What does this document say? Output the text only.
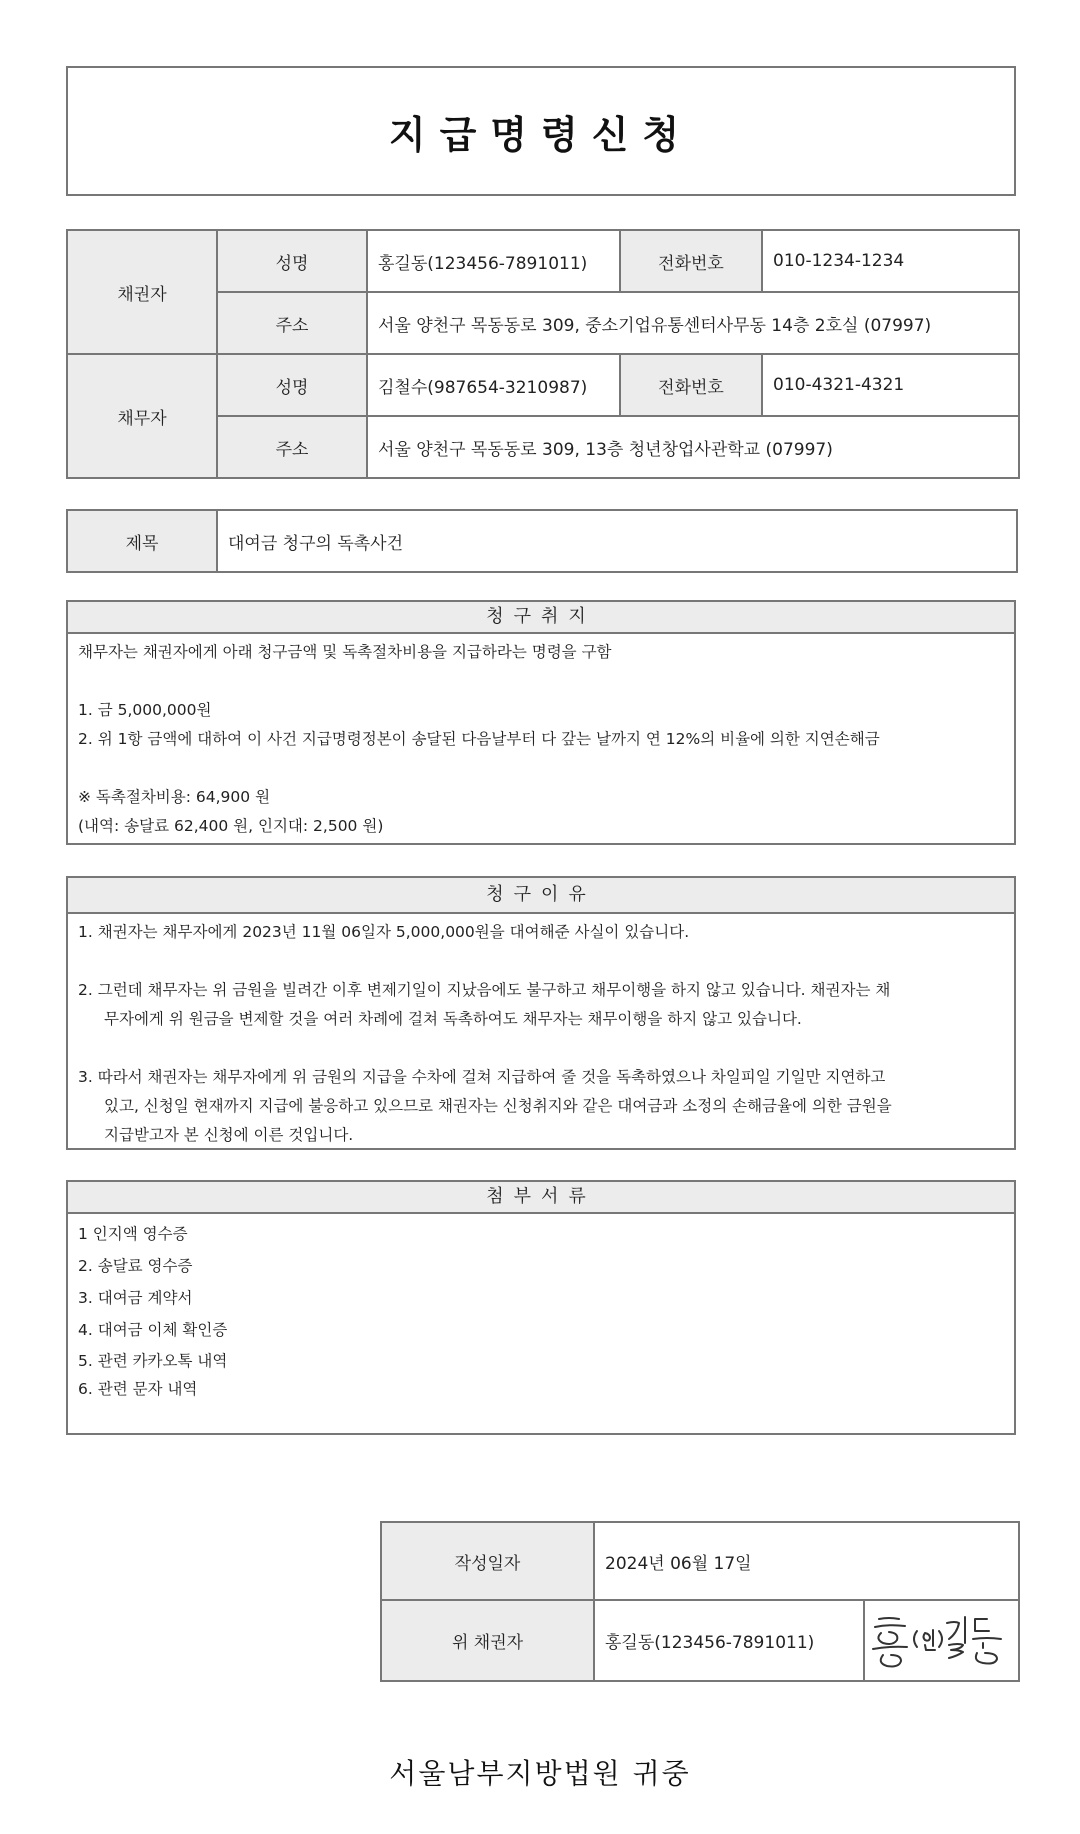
지급명령신청
채권자	성명	홍길동(123456-7891011)	전화번호	010-1234-1234
	주소	서울 양천구 목동동로 309, 중소기업유통센터사무동 14층 2호실 (07997)		
채무자	성명	김철수(987654-3210987)	전화번호	010-4321-4321
	주소	서울 양천구 목동동로 309, 13층 청년창업사관학교 (07997)		
제목	대여금 청구의 독촉사건
청구취지
채무자는 채권자에게 아래 청구금액 및 독촉절차비용을 지급하라는 명령을 구함
1. 금 5,000,000원
2. 위 1항 금액에 대하여 이 사건 지급명령정본이 송달된 다음날부터 다 갚는 날까지 연 12%의 비율에 의한 지연손해금
※ 독촉절차비용: 64,900 원
(내역: 송달료 62,400 원, 인지대: 2,500 원)
청구이유
1. 채권자는 채무자에게 2023년 11월 06일자 5,000,000원을 대여해준 사실이 있습니다.
2. 그런데 채무자는 위 금원을 빌려간 이후 변제기일이 지났음에도 불구하고 채무이행을 하지 않고 있습니다. 채권자는 채
무자에게 위 원금을 변제할 것을 여러 차례에 걸쳐 독촉하여도 채무자는 채무이행을 하지 않고 있습니다.
3. 따라서 채권자는 채무자에게 위 금원의 지급을 수차에 걸쳐 지급하여 줄 것을 독촉하였으나 차일피일 기일만 지연하고
있고, 신청일 현재까지 지급에 불응하고 있으므로 채권자는 신청취지와 같은 대여금과 소정의 손해금율에 의한 금원을
지급받고자 본 신청에 이른 것입니다.
첨부서류
1 인지액 영수증
2. 송달료 영수증
3. 대여금 계약서
4. 대여금 이체 확인증
5. 관련 카카오톡 내역
6. 관련 문자 내역
작성일자	2024년 06월 17일	
위 채권자	홍길동(123456-7891011)	
서울남부지방법원 귀중
